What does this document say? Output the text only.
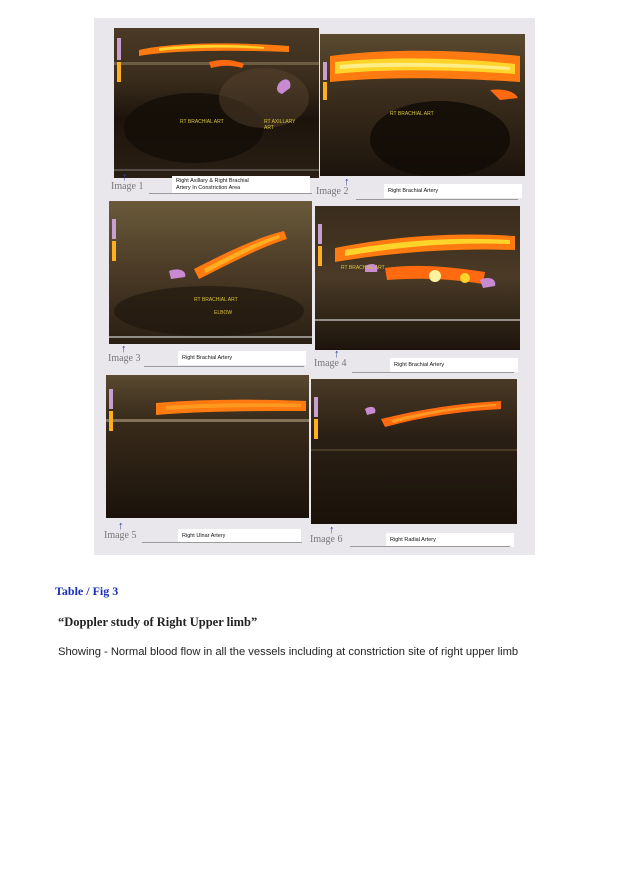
RT BRACHIAL ART	RT AXILLARY
ART
↑
Image 1	Right Axillary & Right Brachial
Artery In Constriction Area
RT BRACHIAL ART
↑
Image 2	Right Brachial Artery
RT BRACHIAL ART
ELBOW
↑
Image 3	Right Brachial Artery
RT BRACHIAL ART
↑
Image 4	Right Brachial Artery
↑
Image 5	Right Ulnar Artery	↑
Image 6	Right Radial Artery
Table / Fig 3
“Doppler study of Right Upper limb”
Showing - Normal blood flow in all the vessels including at constriction site of right upper limb
